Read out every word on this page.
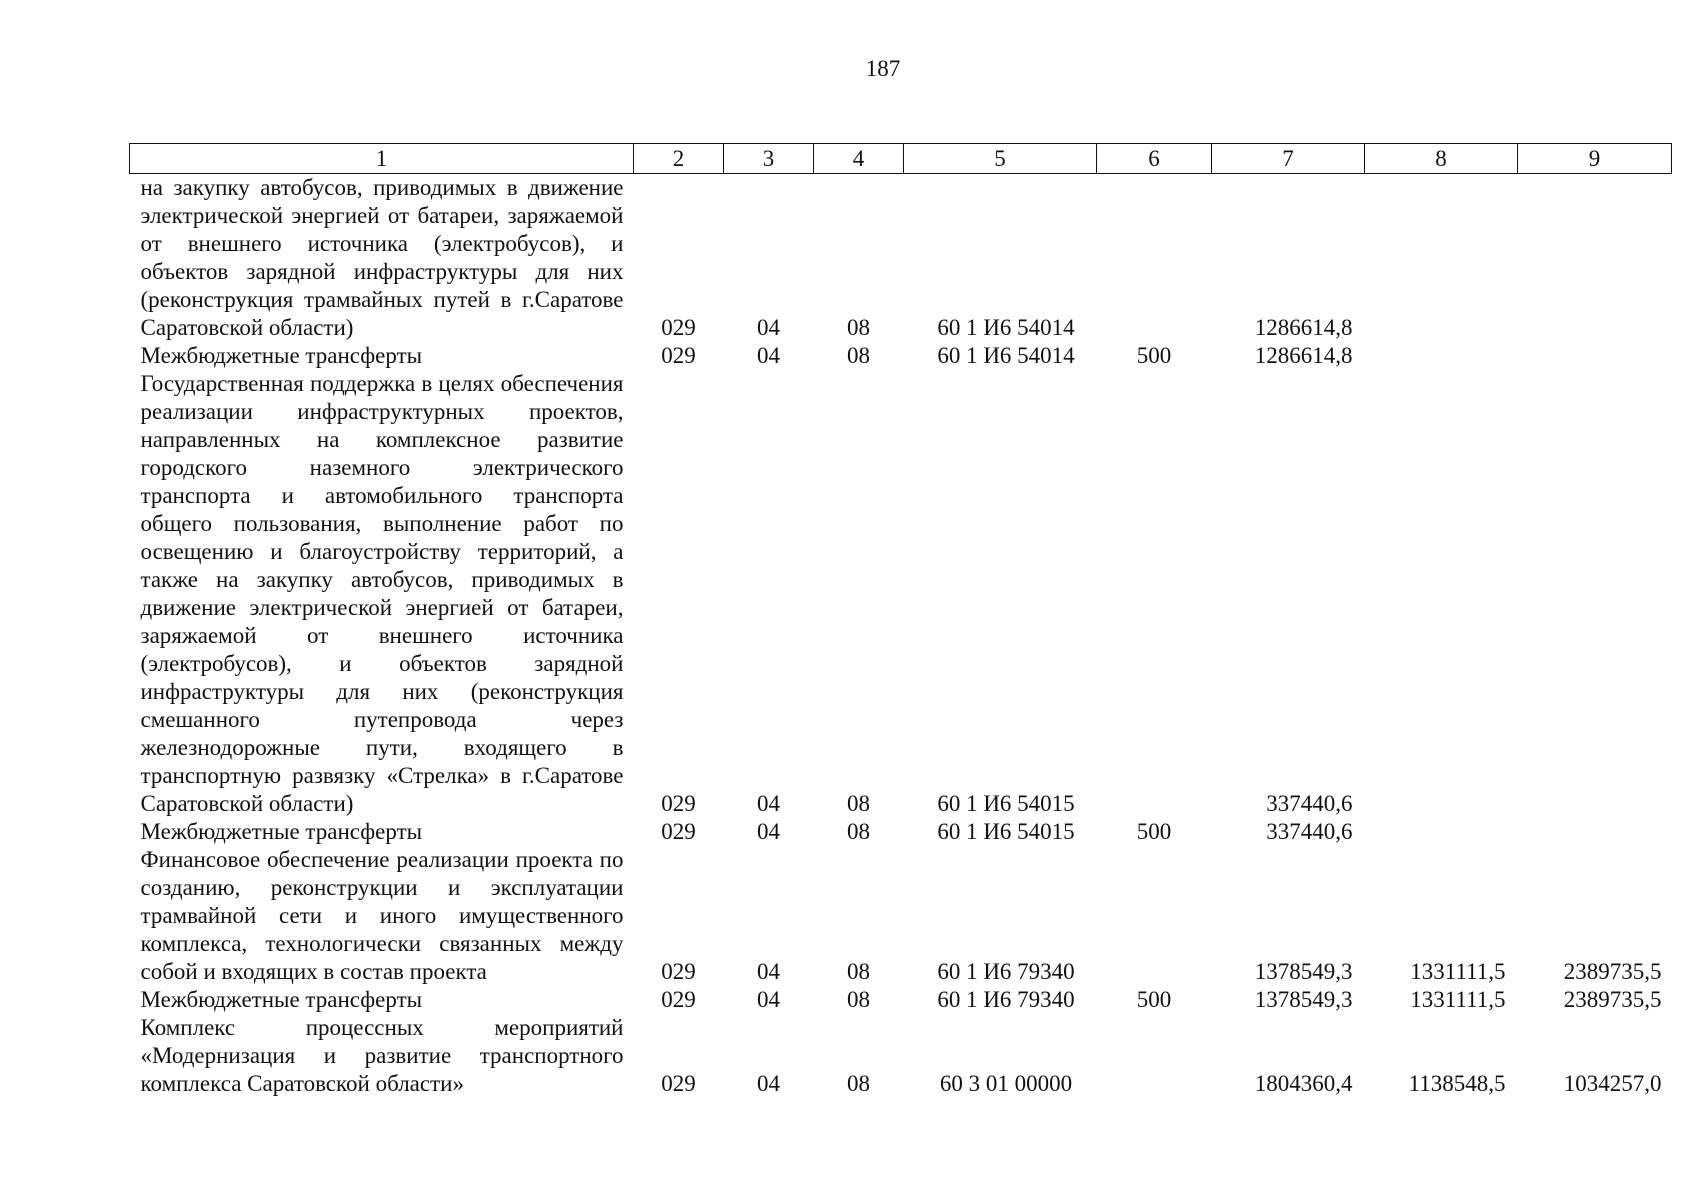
187
1	2	3	4	5	6	7	8	9
на закупку автобусов, приводимых в движение электрической энергией от батареи, заряжаемой от внешнего источника (электробусов), и объектов зарядной инфраструктуры для них (реконструкция трамвайных путей в г.Саратове Саратовской области)	029	04	08	60 1 И6 54014		1286614,8		
Межбюджетные трансферты	029	04	08	60 1 И6 54014	500	1286614,8		
Государственная поддержка в целях обеспечения реализации инфраструктурных проектов, направленных на комплексное развитие городского наземного электрического транспорта и автомобильного транспорта общего пользования, выполнение работ по освещению и благоустройству территорий, а также на закупку автобусов, приводимых в движение электрической энергией от батареи, заряжаемой от внешнего источника (электробусов), и объектов зарядной инфраструктуры для них (реконструкция смешанного путепровода через железнодорожные пути, входящего в транспортную развязку «Стрелка» в г.Саратове Саратовской области)	029	04	08	60 1 И6 54015		337440,6		
Межбюджетные трансферты	029	04	08	60 1 И6 54015	500	337440,6		
Финансовое обеспечение реализации проекта по созданию, реконструкции и эксплуатации трамвайной сети и иного имущественного комплекса, технологически связанных между собой и входящих в состав проекта	029	04	08	60 1 И6 79340		1378549,3	1331111,5	2389735,5
Межбюджетные трансферты	029	04	08	60 1 И6 79340	500	1378549,3	1331111,5	2389735,5
Комплекс процессных мероприятий «Модернизация и развитие транспортного комплекса Саратовской области»	029	04	08	60 3 01 00000		1804360,4	1138548,5	1034257,0
